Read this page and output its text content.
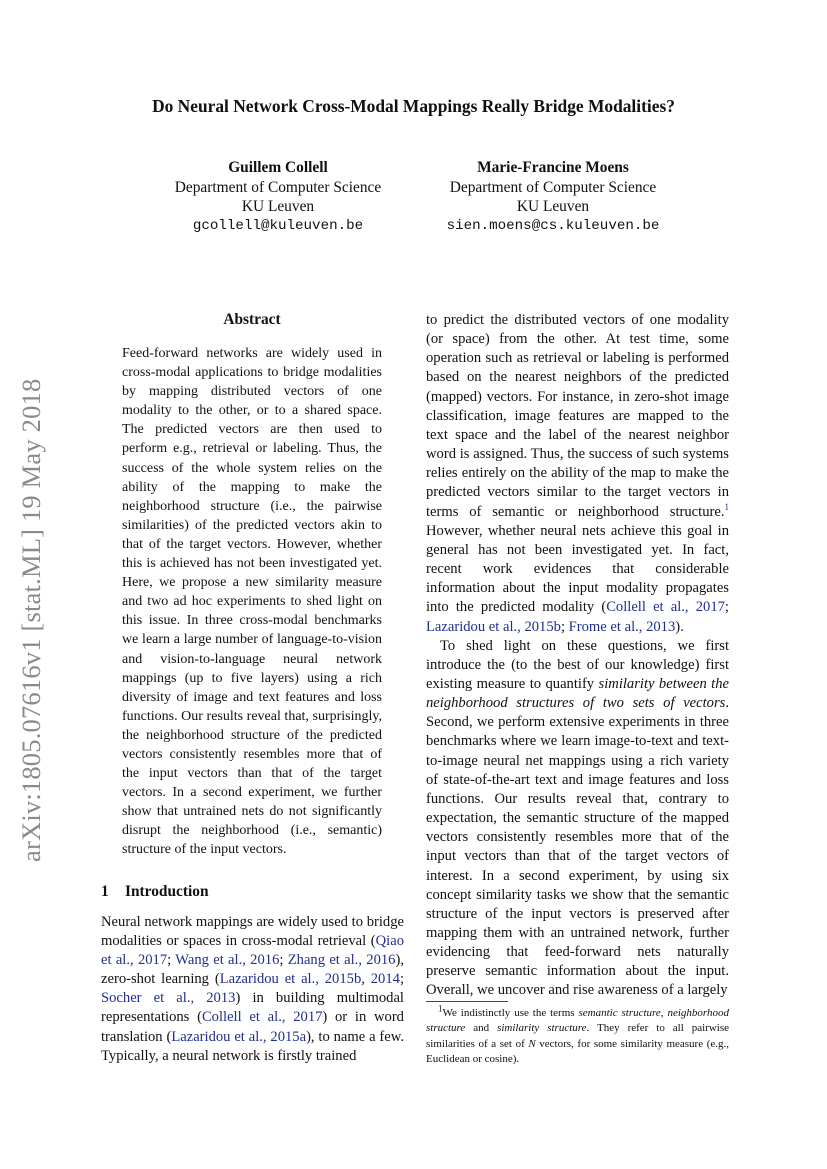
arXiv:1805.07616v1 [stat.ML] 19 May 2018
Do Neural Network Cross-Modal Mappings Really Bridge Modalities?
Guillem Collell
Department of Computer Science
KU Leuven
gcollell@kuleuven.be
Marie-Francine Moens
Department of Computer Science
KU Leuven
sien.moens@cs.kuleuven.be
Abstract

Feed-forward networks are widely used in cross-modal applications to bridge modalities by mapping distributed vectors of one modality to the other, or to a shared space. The predicted vectors are then used to perform e.g., retrieval or labeling. Thus, the success of the whole system relies on the ability of the mapping to make the neighborhood structure (i.e., the pairwise similarities) of the predicted vectors akin to that of the target vectors. However, whether this is achieved has not been investigated yet. Here, we propose a new similarity measure and two ad hoc experiments to shed light on this issue. In three cross-modal benchmarks we learn a large number of language-to-vision and vision-to-language neural network mappings (up to five layers) using a rich diversity of image and text features and loss functions. Our results reveal that, surprisingly, the neighborhood structure of the predicted vectors consistently resembles more that of the input vectors than that of the target vectors. In a second experiment, we further show that untrained nets do not significantly disrupt the neighborhood (i.e., semantic) structure of the input vectors.

1 Introduction

Neural network mappings are widely used to bridge modalities or spaces in cross-modal retrieval (Qiao et al., 2017; Wang et al., 2016; Zhang et al., 2016), zero-shot learning (Lazaridou et al., 2015b, 2014; Socher et al., 2013) in building multimodal representations (Collell et al., 2017) or in word translation (Lazaridou et al., 2015a), to name a few. Typically, a neural network is firstly trained

to predict the distributed vectors of one modality (or space) from the other. At test time, some operation such as retrieval or labeling is performed based on the nearest neighbors of the predicted (mapped) vectors. For instance, in zero-shot image classification, image features are mapped to the text space and the label of the nearest neighbor word is assigned. Thus, the success of such systems relies entirely on the ability of the map to make the predicted vectors similar to the target vectors in terms of semantic or neighborhood structure.$^1$ However, whether neural nets achieve this goal in general has not been investigated yet. In fact, recent work evidences that considerable information about the input modality propagates into the predicted modality (Collell et al., 2017; Lazaridou et al., 2015b; Frome et al., 2013).

To shed light on these questions, we first introduce the (to the best of our knowledge) first existing measure to quantify similarity between the neighborhood structures of two sets of vectors. Second, we perform extensive experiments in three benchmarks where we learn image-to-text and text-to-image neural net mappings using a rich variety of state-of-the-art text and image features and loss functions. Our results reveal that, contrary to expectation, the semantic structure of the mapped vectors consistently resembles more that of the input vectors than that of the target vectors of interest. In a second experiment, by using six concept similarity tasks we show that the semantic structure of the input vectors is preserved after mapping them with an untrained network, further evidencing that feed-forward nets naturally preserve semantic information about the input. Overall, we uncover and rise awareness of a largely

$^1$We indistinctly use the terms semantic structure, neighborhood structure and similarity structure. They refer to all pairwise similarities of a set of N vectors, for some similarity measure (e.g., Euclidean or cosine).
